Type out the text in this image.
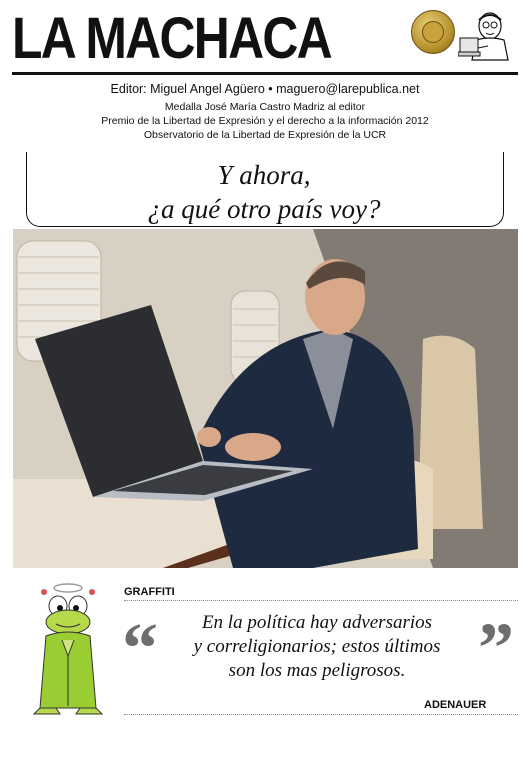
LA MACHACA
Editor: Miguel Angel Agüero • maguero@larepublica.net
Medalla José María Castro Madriz al editor
Premio de la Libertad de Expresión y el derecho a la información 2012
Observatorio de la Libertad de Expresión de la UCR
Y ahora,
¿a qué otro país voy?
GRAFFITI
“	En la política hay adversarios
y correligionarios; estos últimos
son los mas peligrosos.	”
ADENAUER
